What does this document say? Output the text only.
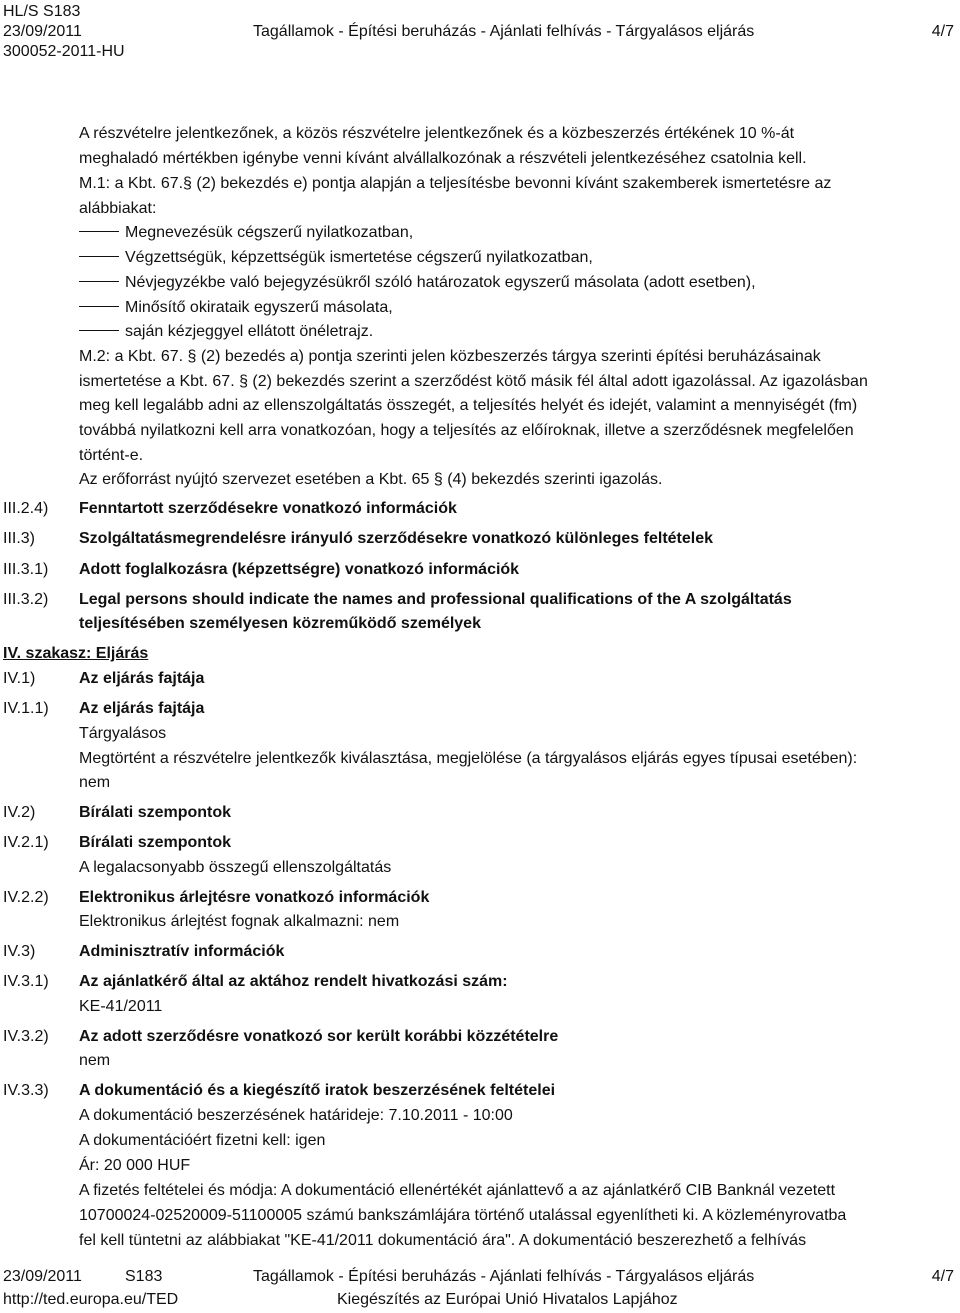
HL/S S183
23/09/2011	Tagállamok - Építési beruházás - Ajánlati felhívás - Tárgyalásos eljárás	4/7
300052-2011-HU
A részvételre jelentkezőnek, a közös részvételre jelentkezőnek és a közbeszerzés értékének 10 %-át
meghaladó mértékben igénybe venni kívánt alvállalkozónak a részvételi jelentkezéséhez csatolnia kell.
M.1: a Kbt. 67.§ (2) bekezdés e) pontja alapján a teljesítésbe bevonni kívánt szakemberek ismertetésre az
alábbiakat:
Megnevezésük cégszerű nyilatkozatban,
Végzettségük, képzettségük ismertetése cégszerű nyilatkozatban,
Névjegyzékbe való bejegyzésükről szóló határozatok egyszerű másolata (adott esetben),
Minősítő okirataik egyszerű másolata,
saján kézjeggyel ellátott önéletrajz.
M.2: a Kbt. 67. § (2) bezedés a) pontja szerinti jelen közbeszerzés tárgya szerinti építési beruházásainak
ismertetése a Kbt. 67. § (2) bekezdés szerint a szerződést kötő másik fél által adott igazolással. Az igazolásban
meg kell legalább adni az ellenszolgáltatás összegét, a teljesítés helyét és idejét, valamint a mennyiségét (fm)
továbbá nyilatkozni kell arra vonatkozóan, hogy a teljesítés az előíroknak, illetve a szerződésnek megfelelően
történt-e.
Az erőforrást nyújtó szervezet esetében a Kbt. 65 § (4) bekezdés szerinti igazolás.
III.2.4) Fenntartott szerződésekre vonatkozó információk
III.3)	Szolgáltatásmegrendelésre irányuló szerződésekre vonatkozó különleges feltételek
III.3.1) Adott foglalkozásra (képzettségre) vonatkozó információk
III.3.2) Legal persons should indicate the names and professional qualifications of the A szolgáltatás
teljesítésében személyesen közreműködő személyek
IV. szakasz: Eljárás
IV.1)	Az eljárás fajtája
IV.1.1) Az eljárás fajtája
Tárgyalásos
Megtörtént a részvételre jelentkezők kiválasztása, megjelölése (a tárgyalásos eljárás egyes típusai esetében):
nem
IV.2)	Bírálati szempontok
IV.2.1) Bírálati szempontok
A legalacsonyabb összegű ellenszolgáltatás
IV.2.2) Elektronikus árlejtésre vonatkozó információk
Elektronikus árlejtést fognak alkalmazni: nem
IV.3)	Adminisztratív információk
IV.3.1) Az ajánlatkérő által az aktához rendelt hivatkozási szám:
KE-41/2011
IV.3.2) Az adott szerződésre vonatkozó sor került korábbi közzétételre
nem
IV.3.3) A dokumentáció és a kiegészítő iratok beszerzésének feltételei
A dokumentáció beszerzésének határideje: 7.10.2011 - 10:00
A dokumentációért fizetni kell: igen
Ár: 20 000 HUF
A fizetés feltételei és módja: A dokumentáció ellenértékét ajánlattevő a az ajánlatkérő CIB Banknál vezetett
10700024-02520009-51100005 számú bankszámlájára történő utalással egyenlítheti ki. A közleményrovatba
fel kell tüntetni az alábbiakat "KE-41/2011 dokumentáció ára". A dokumentáció beszerezhető a felhívás
23/09/2011	S183	Tagállamok - Építési beruházás - Ajánlati felhívás - Tárgyalásos eljárás	4/7
http://ted.europa.eu/TED	Kiegészítés az Európai Unió Hivatalos Lapjához
